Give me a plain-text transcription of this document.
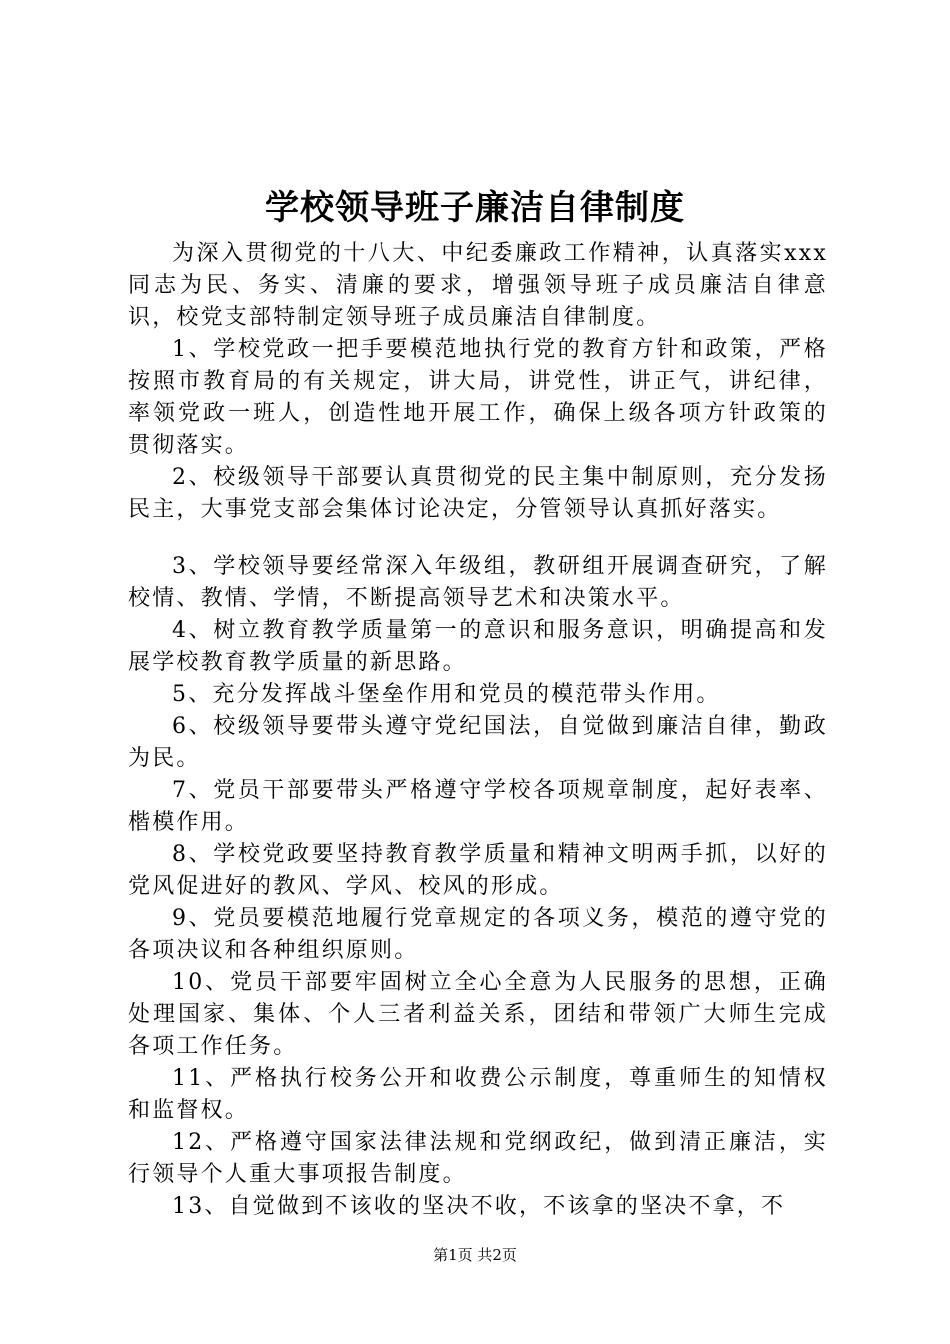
学校领导班子廉洁自律制度

为深入贯彻党的十八大、中纪委廉政工作精神，认真落实xxx同志为民、务实、清廉的要求，增强领导班子成员廉洁自律意识，校党支部特制定领导班子成员廉洁自律制度。

1、学校党政一把手要模范地执行党的教育方针和政策，严格按照市教育局的有关规定，讲大局，讲党性，讲正气，讲纪律，率领党政一班人，创造性地开展工作，确保上级各项方针政策的贯彻落实。

2、校级领导干部要认真贯彻党的民主集中制原则，充分发扬民主，大事党支部会集体讨论决定，分管领导认真抓好落实。

3、学校领导要经常深入年级组，教研组开展调查研究，了解校情、教情、学情，不断提高领导艺术和决策水平。

4、树立教育教学质量第一的意识和服务意识，明确提高和发展学校教育教学质量的新思路。

5、充分发挥战斗堡垒作用和党员的模范带头作用。

6、校级领导要带头遵守党纪国法，自觉做到廉洁自律，勤政为民。

7、党员干部要带头严格遵守学校各项规章制度，起好表率、楷模作用。

8、学校党政要坚持教育教学质量和精神文明两手抓，以好的党风促进好的教风、学风、校风的形成。

9、党员要模范地履行党章规定的各项义务，模范的遵守党的各项决议和各种组织原则。

10、党员干部要牢固树立全心全意为人民服务的思想，正确处理国家、集体、个人三者利益关系，团结和带领广大师生完成各项工作任务。

11、严格执行校务公开和收费公示制度，尊重师生的知情权和监督权。

12、严格遵守国家法律法规和党纲政纪，做到清正廉洁，实行领导个人重大事项报告制度。

13、自觉做到不该收的坚决不收，不该拿的坚决不拿，不

第1页 共2页
